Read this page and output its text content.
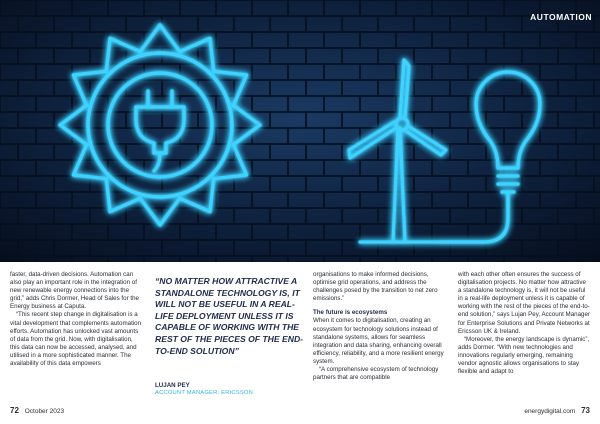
AUTOMATION

faster, data-driven decisions. Automation can also play an important role in the integration of new renewable energy connections into the grid,” adds Chris Dormer, Head of Sales for the Energy business at Caputa.

“This recent step change in digitalisation is a vital development that complements automation efforts. Automation has unlocked vast amounts of data from the grid. Now, with digitalisation, this data can now be accessed, analysed, and utilised in a more sophisticated manner. The availability of this data empowers

“NO MATTER HOW ATTRACTIVE A STANDALONE TECHNOLOGY IS, IT WILL NOT BE USEFUL IN A REAL-LIFE DEPLOYMENT UNLESS IT IS CAPABLE OF WORKING WITH THE REST OF THE PIECES OF THE END-TO-END SOLUTION”
LUJAN PEY
ACCOUNT MANAGER, ERICSSON

organisations to make informed decisions, optimise grid operations, and address the challenges posed by the transition to net zero emissions.”

The future is ecosystems

When it comes to digitalisation, creating an ecosystem for technology solutions instead of standalone systems, allows for seamless integration and data sharing, enhancing overall efficiency, reliability, and a more resilient energy system.

“A comprehensive ecosystem of technology partners that are compatible

with each other often ensures the success of digitalisation projects. No matter how attractive a standalone technology is, it will not be useful in a real-life deployment unless it is capable of working with the rest of the pieces of the end-to-end solution,” says Lujan Pey, Account Manager for Enterprise Solutions and Private Networks at Ericsson UK & Ireland.

“Moreover, the energy landscape is dynamic”, adds Dormer. “With new technologies and innovations regularly emerging, remaining vendor agnostic allows organisations to stay flexible and adapt to

72 October 2023	energydigital.com 73
